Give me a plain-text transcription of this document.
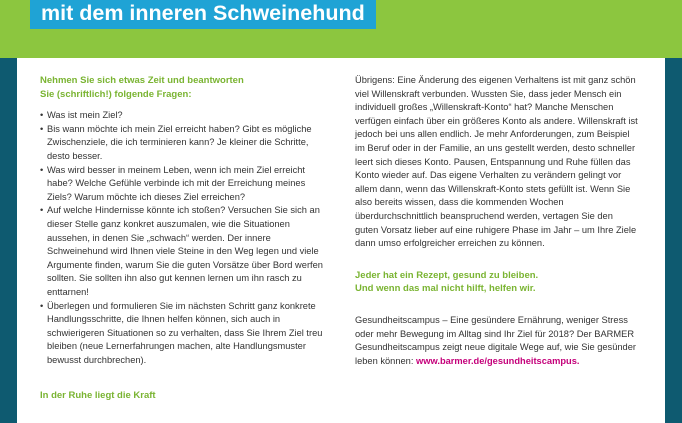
mit dem inneren Schweinehund
Nehmen Sie sich etwas Zeit und beantworten
Sie (schriftlich!) folgende Fragen:
• Was ist mein Ziel?
• Bis wann möchte ich mein Ziel erreicht haben? Gibt es mögliche Zwischenziele, die ich terminieren kann? Je kleiner die Schritte, desto besser.
• Was wird besser in meinem Leben, wenn ich mein Ziel erreicht habe? Welche Gefühle verbinde ich mit der Erreichung meines Ziels? Warum möchte ich dieses Ziel erreichen?
• Auf welche Hindernisse könnte ich stoßen? Versuchen Sie sich an dieser Stelle ganz konkret auszumalen, wie die Situationen aussehen, in denen Sie „schwach“ werden. Der innere Schweinehund wird Ihnen viele Steine in den Weg legen und viele Argumente finden, warum Sie die guten Vorsätze über Bord werfen sollten. Sie sollten ihn also gut kennen lernen um ihn rasch zu enttarnen!
• Überlegen und formulieren Sie im nächsten Schritt ganz konkrete Handlungsschritte, die Ihnen helfen können, sich auch in schwierigeren Situationen so zu verhalten, dass Sie Ihrem Ziel treu bleiben (neue Lernerfahrungen machen, alte Handlungsmuster bewusst durchbrechen).
In der Ruhe liegt die Kraft
Übrigens: Eine Änderung des eigenen Verhaltens ist mit ganz schön viel Willenskraft verbunden. Wussten Sie, dass jeder Mensch ein individuell großes „Willenskraft-Konto“ hat? Manche Menschen verfügen einfach über ein größeres Konto als andere. Willenskraft ist jedoch bei uns allen endlich. Je mehr Anforderungen, zum Beispiel im Beruf oder in der Familie, an uns gestellt werden, desto schneller leert sich dieses Konto. Pausen, Entspannung und Ruhe füllen das Konto wieder auf. Das eigene Verhalten zu verändern gelingt vor allem dann, wenn das Willenskraft-Konto stets gefüllt ist. Wenn Sie also bereits wissen, dass die kommenden Wochen überdurchschnittlich beanspruchend werden, vertagen Sie den guten Vorsatz lieber auf eine ruhigere Phase im Jahr – um Ihre Ziele dann umso erfolgreicher erreichen zu können.
Jeder hat ein Rezept, gesund zu bleiben.
Und wenn das mal nicht hilft, helfen wir.
Gesundheitscampus – Eine gesündere Ernährung, weniger Stress oder mehr Bewegung im Alltag sind Ihr Ziel für 2018? Der BARMER Gesundheitscampus zeigt neue digitale Wege auf, wie Sie gesünder leben können: www.barmer.de/gesundheitscampus.
